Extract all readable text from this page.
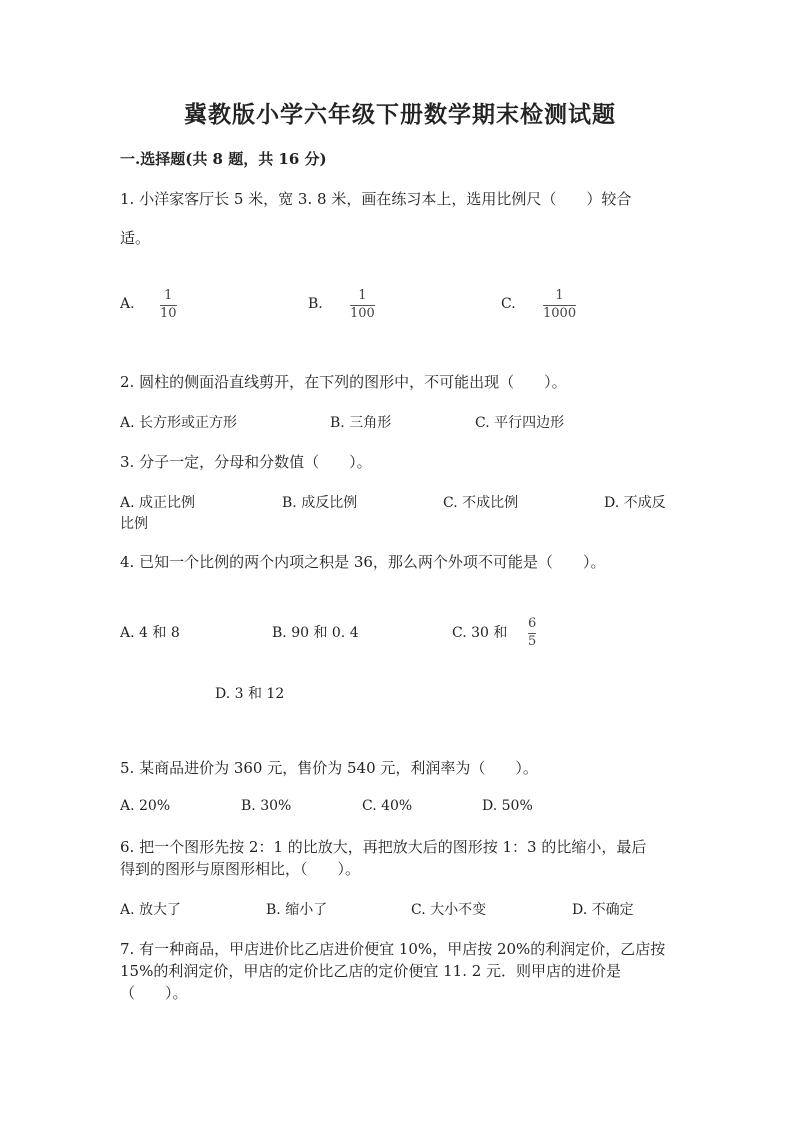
冀教版小学六年级下册数学期末检测试题
一.选择题(共 8 题，共 16 分)
1. 小洋家客厅长 5 米，宽 3. 8 米，画在练习本上，选用比例尺（　　）较合
适。
A.
1
10
B.
1
100
C.
1
1000
2. 圆柱的侧面沿直线剪开，在下列的图形中，不可能出现（　　）。
A. 长方形或正方形	B. 三角形	C. 平行四边形
3. 分子一定，分母和分数值（　　）。
A. 成正比例	B. 成反比例	C. 不成比例	D. 不成反
比例
4. 已知一个比例的两个内项之积是 36，那么两个外项不可能是（　　）。
A. 4 和 8	B. 90 和 0. 4	C. 30 和
6
5
D. 3 和 12
5. 某商品进价为 360 元，售价为 540 元，利润率为（　　）。
A. 20%	B. 30%	C. 40%	D. 50%
6. 把一个图形先按 2：1 的比放大，再把放大后的图形按 1：3 的比缩小，最后
得到的图形与原图形相比，（　　）。
A. 放大了	B. 缩小了	C. 大小不变	D. 不确定
7. 有一种商品，甲店进价比乙店进价便宜 10%，甲店按 20%的利润定价，乙店按
15%的利润定价，甲店的定价比乙店的定价便宜 11. 2 元．则甲店的进价是
（　　）。
